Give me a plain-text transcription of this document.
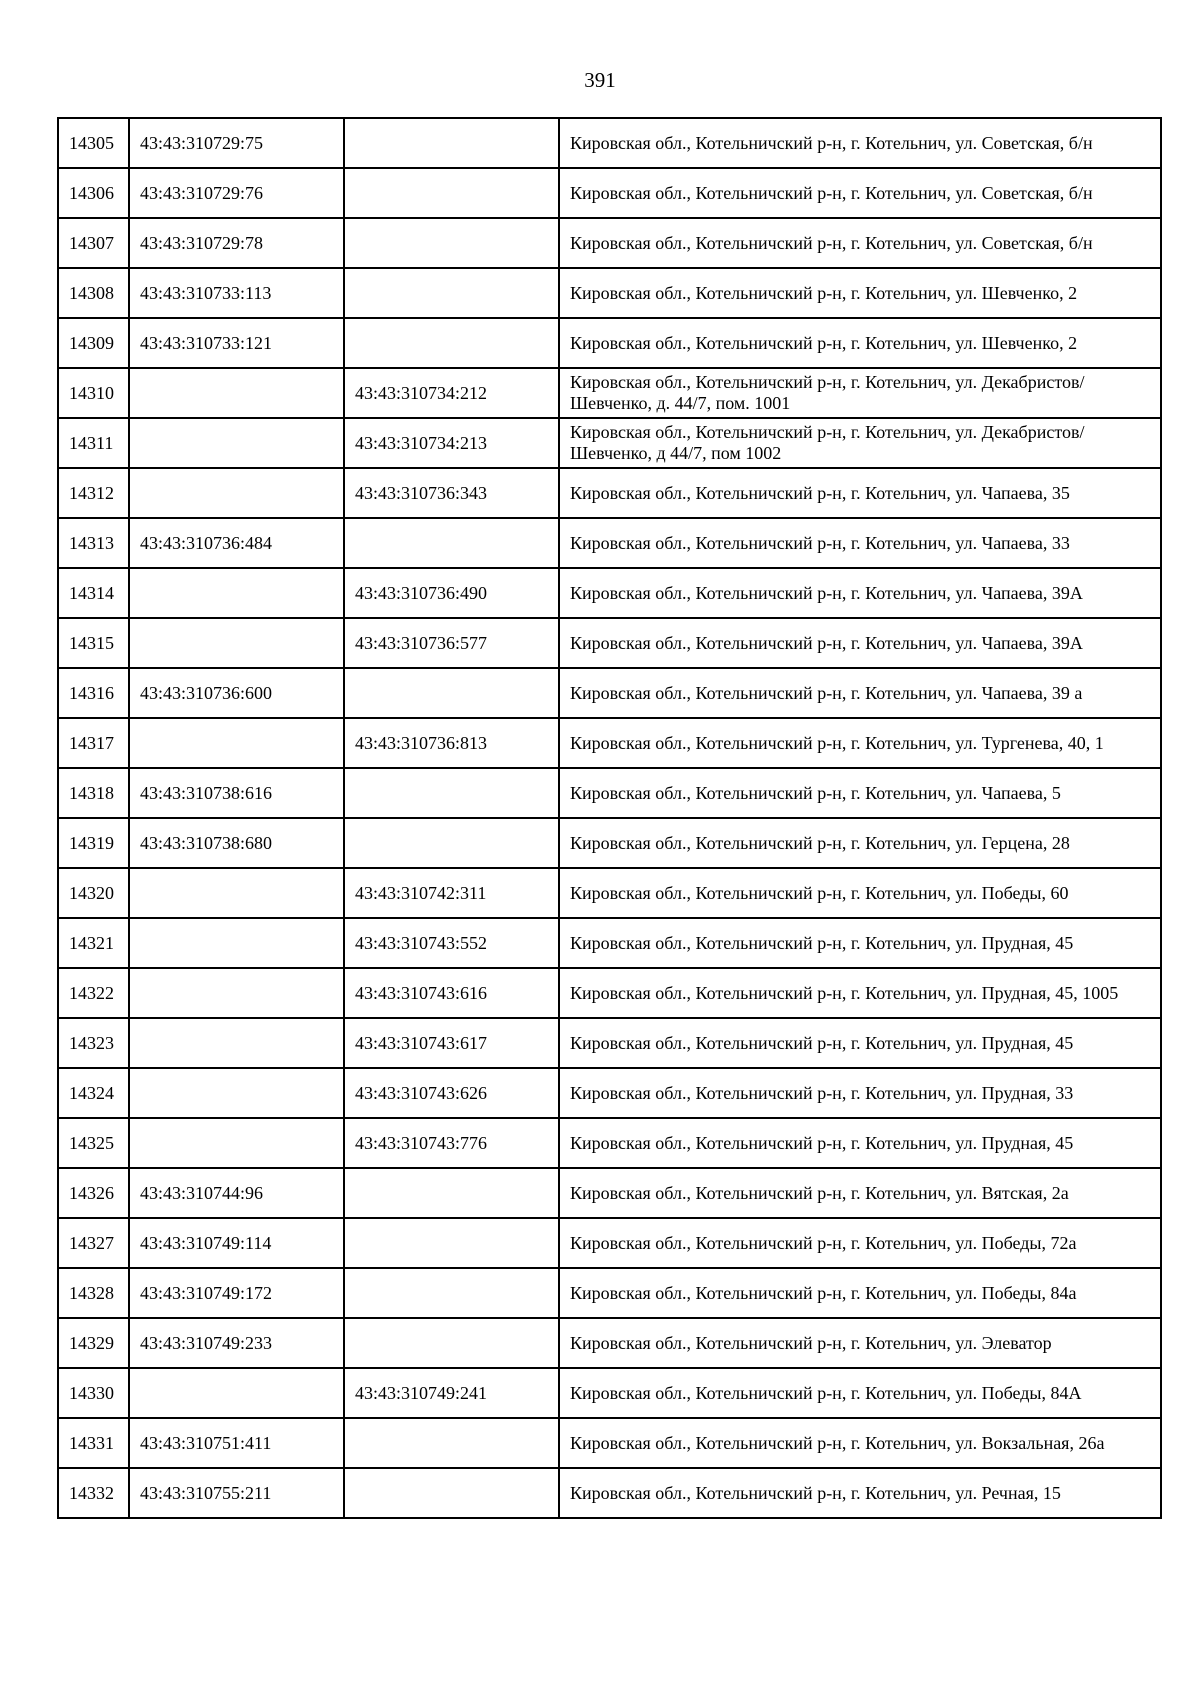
391
14305	43:43:310729:75		Кировская обл., Котельничский р-н, г. Котельнич, ул. Советская, б/н
14306	43:43:310729:76		Кировская обл., Котельничский р-н, г. Котельнич, ул. Советская, б/н
14307	43:43:310729:78		Кировская обл., Котельничский р-н, г. Котельнич, ул. Советская, б/н
14308	43:43:310733:113		Кировская обл., Котельничский р-н, г. Котельнич, ул. Шевченко, 2
14309	43:43:310733:121		Кировская обл., Котельничский р-н, г. Котельнич, ул. Шевченко, 2
14310		43:43:310734:212	Кировская обл., Котельничский р-н, г. Котельнич, ул. Декабристов/Шевченко, д. 44/7, пом. 1001
14311		43:43:310734:213	Кировская обл., Котельничский р-н, г. Котельнич, ул. Декабристов/Шевченко, д 44/7, пом 1002
14312		43:43:310736:343	Кировская обл., Котельничский р-н, г. Котельнич, ул. Чапаева, 35
14313	43:43:310736:484		Кировская обл., Котельничский р-н, г. Котельнич, ул. Чапаева, 33
14314		43:43:310736:490	Кировская обл., Котельничский р-н, г. Котельнич, ул. Чапаева, 39А
14315		43:43:310736:577	Кировская обл., Котельничский р-н, г. Котельнич, ул. Чапаева, 39А
14316	43:43:310736:600		Кировская обл., Котельничский р-н, г. Котельнич, ул. Чапаева, 39 а
14317		43:43:310736:813	Кировская обл., Котельничский р-н, г. Котельнич, ул. Тургенева, 40, 1
14318	43:43:310738:616		Кировская обл., Котельничский р-н, г. Котельнич, ул. Чапаева, 5
14319	43:43:310738:680		Кировская обл., Котельничский р-н, г. Котельнич, ул. Герцена, 28
14320		43:43:310742:311	Кировская обл., Котельничский р-н, г. Котельнич, ул. Победы, 60
14321		43:43:310743:552	Кировская обл., Котельничский р-н, г. Котельнич, ул. Прудная, 45
14322		43:43:310743:616	Кировская обл., Котельничский р-н, г. Котельнич, ул. Прудная, 45, 1005
14323		43:43:310743:617	Кировская обл., Котельничский р-н, г. Котельнич, ул. Прудная, 45
14324		43:43:310743:626	Кировская обл., Котельничский р-н, г. Котельнич, ул. Прудная, 33
14325		43:43:310743:776	Кировская обл., Котельничский р-н, г. Котельнич, ул. Прудная, 45
14326	43:43:310744:96		Кировская обл., Котельничский р-н, г. Котельнич, ул. Вятская, 2а
14327	43:43:310749:114		Кировская обл., Котельничский р-н, г. Котельнич, ул. Победы, 72а
14328	43:43:310749:172		Кировская обл., Котельничский р-н, г. Котельнич, ул. Победы, 84а
14329	43:43:310749:233		Кировская обл., Котельничский р-н, г. Котельнич, ул. Элеватор
14330		43:43:310749:241	Кировская обл., Котельничский р-н, г. Котельнич, ул. Победы, 84А
14331	43:43:310751:411		Кировская обл., Котельничский р-н, г. Котельнич, ул. Вокзальная, 26а
14332	43:43:310755:211		Кировская обл., Котельничский р-н, г. Котельнич, ул. Речная, 15
